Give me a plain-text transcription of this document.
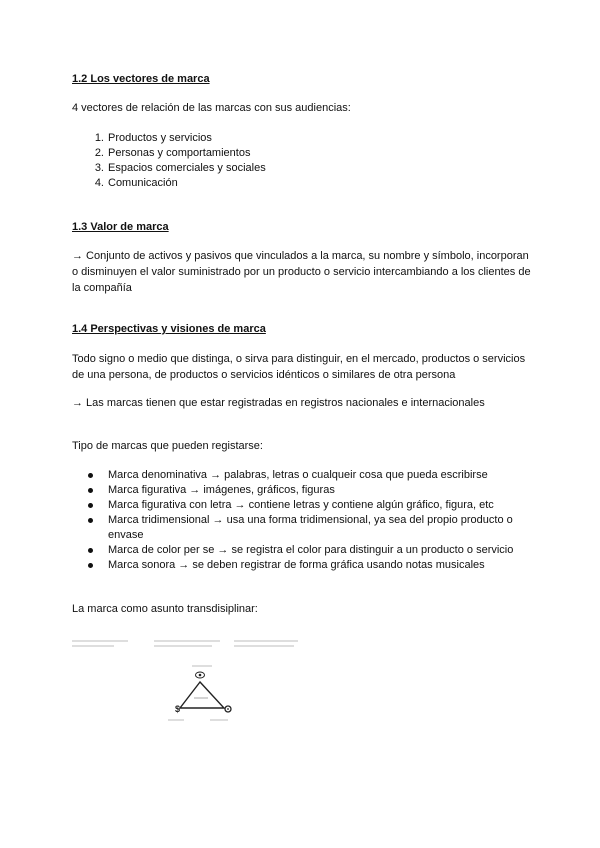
1.2 Los vectores de marca
4 vectores de relación de las marcas con sus audiencias:
1. Productos y servicios
2. Personas y comportamientos
3. Espacios comerciales y sociales
4. Comunicación
1.3 Valor de marca
→ Conjunto de activos y pasivos que vinculados a la marca, su nombre y símbolo, incorporan o disminuyen el valor suministrado por un producto o servicio intercambiando a los clientes de la compañía
1.4 Perspectivas y visiones de marca
Todo signo o medio que distinga, o sirva para distinguir, en el mercado, productos o servicios de una persona, de productos o servicios idénticos o similares de otra persona
→ Las marcas tienen que estar registradas en registros nacionales e internacionales
Tipo de marcas que pueden registarse:
Marca denominativa → palabras, letras o cualqueir cosa que pueda escribirse
Marca figurativa → imágenes, gráficos, figuras
Marca figurativa con letra → contiene letras y contiene algún gráfico, figura, etc
Marca tridimensional → usa una forma tridimensional, ya sea del propio producto o envase
Marca de color per se → se registra el color para distinguir a un producto o servicio
Marca sonora → se deben registrar de forma gráfica usando notas musicales
La marca como asunto transdisiplinar:
$
